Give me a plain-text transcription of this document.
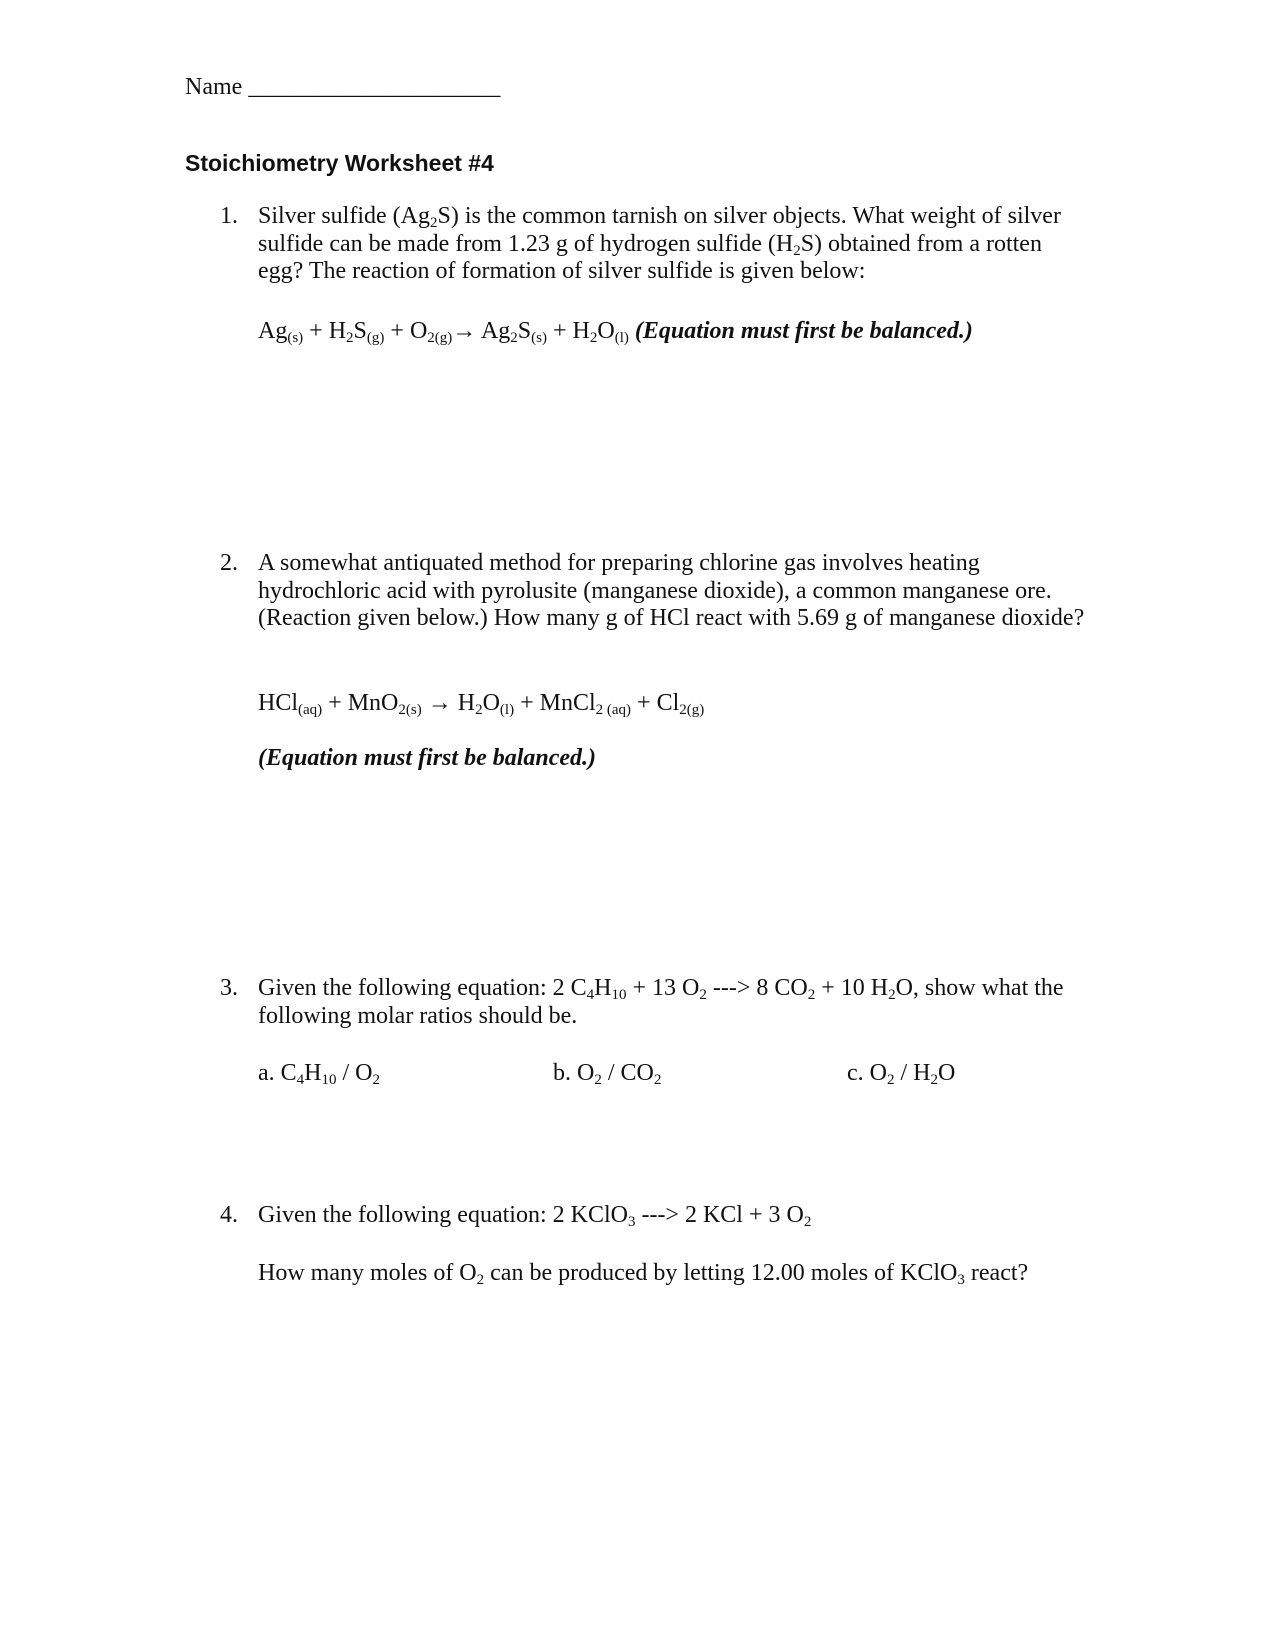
Name _____________________
Stoichiometry Worksheet #4
1. Silver sulfide $(Ag_2S)$ is the common tarnish on silver objects. What weight of silver sulfide can be made from 1.23 g of hydrogen sulfide $(H_2S)$ obtained from a rotten egg? The reaction of formation of silver sulfide is given below:
$Ag_{(s)} + H_2S_{(g)} + O_{2(g)}\to Ag_2S_{(s)} + H_2O_{(l)}$ (Equation must first be balanced.)
2. A somewhat antiquated method for preparing chlorine gas involves heating hydrochloric acid with pyrolusite (manganese dioxide), a common manganese ore. (Reaction given below.) How many g of HCl react with 5.69 g of manganese dioxide?
$HCl_{(aq)} + MnO_{2(s)} \to H_2O_{(l)}$ + MnCl$_{2 (aq)}$ + $Cl_{2(g)}$
(Equation must first be balanced.)
3. Given the following equation: 2 $C_4H_{10} + 13$ $O_2$ ---> 8 $CO_2 + 10$ $H_2O$, show what the following molar ratios should be.
a. $C_4H_{10} / O_2$	b. $O_2 / CO_2$	c. $O_2 / H_2O$
4. Given the following equation: 2 KClO$_3$ ---> 2 KCl + 3 $O_2$
How many moles of $O_2$ can be produced by letting 12.00 moles of KClO$_3$ react?
